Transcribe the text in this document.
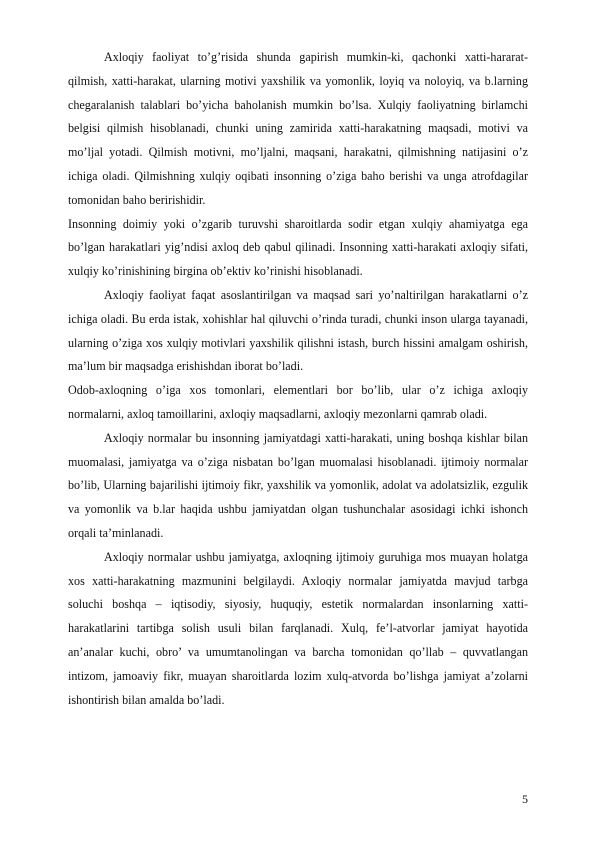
Axloqiy faoliyat to’g’risida shunda gapirish mumkin-ki, qachonki xatti-hararat-qilmish, xatti-harakat, ularning motivi yaxshilik va yomonlik, loyiq va noloyiq, va b.larning chegaralanish talablari bo’yicha baholanish mumkin bo’lsa. Xulqiy faoliyatning birlamchi belgisi qilmish hisoblanadi, chunki uning zamirida xatti-harakatning maqsadi, motivi va mo’ljal yotadi. Qilmish motivni, mo’ljalni, maqsani, harakatni, qilmishning natijasini o’z ichiga oladi. Qilmishning xulqiy oqibati insonning o’ziga baho berishi va unga atrofdagilar tomonidan baho beririshidir.

Insonning doimiy yoki o’zgarib turuvshi sharoitlarda sodir etgan xulqiy ahamiyatga ega bo’lgan harakatlari yig’ndisi axloq deb qabul qilinadi. Insonning xatti-harakati axloqiy sifati, xulqiy ko’rinishining birgina ob’ektiv ko’rinishi hisoblanadi.

Axloqiy faoliyat faqat asoslantirilgan va maqsad sari yo’naltirilgan harakatlarni o’z ichiga oladi. Bu erda istak, xohishlar hal qiluvchi o’rinda turadi, chunki inson ularga tayanadi, ularning o’ziga xos xulqiy motivlari yaxshilik qilishni istash, burch hissini amalgam oshirish, ma’lum bir maqsadga erishishdan iborat bo’ladi.

Odob-axloqning o’iga xos tomonlari, elementlari bor bo’lib, ular o’z ichiga axloqiy normalarni, axloq tamoillarini, axloqiy maqsadlarni, axloqiy mezonlarni qamrab oladi.

Axloqiy normalar bu insonning jamiyatdagi xatti-harakati, uning boshqa kishlar bilan muomalasi, jamiyatga va o’ziga nisbatan bo’lgan muomalasi hisoblanadi. ijtimoiy normalar bo’lib, Ularning bajarilishi ijtimoiy fikr, yaxshilik va yomonlik, adolat va adolatsizlik, ezgulik va yomonlik va b.lar haqida ushbu jamiyatdan olgan tushunchalar asosidagi ichki ishonch orqali ta’minlanadi.

Axloqiy normalar ushbu jamiyatga, axloqning ijtimoiy guruhiga mos muayan holatga xos xatti-harakatning mazmunini belgilaydi. Axloqiy normalar jamiyatda mavjud tarbga soluchi boshqa – iqtisodiy, siyosiy, huquqiy, estetik normalardan insonlarning xatti-harakatlarini tartibga solish usuli bilan farqlanadi. Xulq, fe’l-atvorlar jamiyat hayotida an’analar kuchi, obro’ va umumtanolingan va barcha tomonidan qo’llab – quvvatlangan intizom, jamoaviy fikr, muayan sharoitlarda lozim xulq-atvorda bo’lishga jamiyat a’zolarni ishontirish bilan amalda bo’ladi.

5
